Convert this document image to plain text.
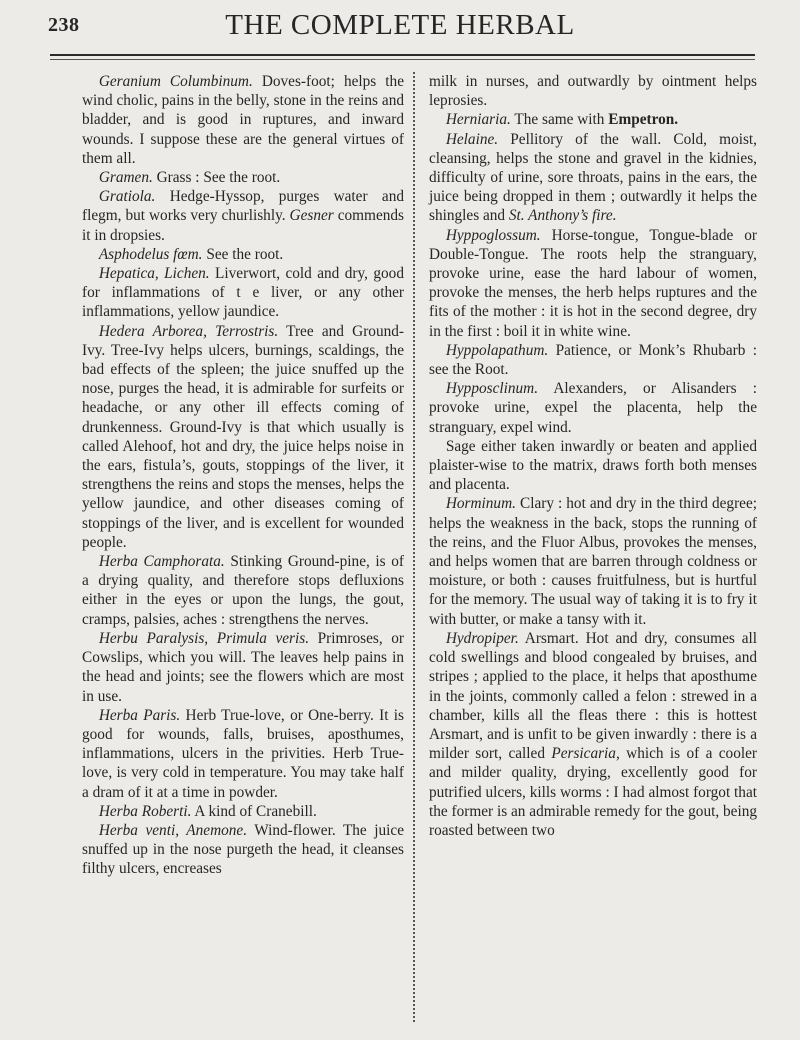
238	THE COMPLETE HERBAL

Geranium Columbinum. Doves-foot; helps the wind cholic, pains in the belly, stone in the reins and bladder, and is good in ruptures, and inward wounds. I suppose these are the general virtues of them all.

Gramen. Grass : See the root.

Gratiola. Hedge-Hyssop, purges water and flegm, but works very churlishly. Gesner commends it in dropsies.

Asphodelus fœm. See the root.

Hepatica, Lichen. Liverwort, cold and dry, good for inflammations of t e liver, or any other inflammations, yellow jaundice.

Hedera Arborea, Terrostris. Tree and Ground-Ivy. Tree-Ivy helps ulcers, burnings, scaldings, the bad effects of the spleen; the juice snuffed up the nose, purges the head, it is admirable for surfeits or headache, or any other ill effects coming of drunkenness. Ground-Ivy is that which usually is called Alehoof, hot and dry, the juice helps noise in the ears, fistula’s, gouts, stoppings of the liver, it strengthens the reins and stops the menses, helps the yellow jaundice, and other diseases coming of stoppings of the liver, and is excellent for wounded people.

Herba Camphorata. Stinking Ground-pine, is of a drying quality, and therefore stops defluxions either in the eyes or upon the lungs, the gout, cramps, palsies, aches : strengthens the nerves.

Herbu Paralysis, Primula veris. Primroses, or Cowslips, which you will. The leaves help pains in the head and joints; see the flowers which are most in use.

Herba Paris. Herb True-love, or One-berry. It is good for wounds, falls, bruises, aposthumes, inflammations, ulcers in the privities. Herb True-love, is very cold in temperature. You may take half a dram of it at a time in powder.

Herba Roberti. A kind of Cranebill.

Herba venti, Anemone. Wind-flower. The juice snuffed up in the nose purgeth the head, it cleanses filthy ulcers, encreases

milk in nurses, and outwardly by ointment helps leprosies.

Herniaria. The same with Empetron.

Helaine. Pellitory of the wall. Cold, moist, cleansing, helps the stone and gravel in the kidnies, difficulty of urine, sore throats, pains in the ears, the juice being dropped in them ; outwardly it helps the shingles and St. Anthony’s fire.

Hyppoglossum. Horse-tongue, Tongue-blade or Double-Tongue. The roots help the stranguary, provoke urine, ease the hard labour of women, provoke the menses, the herb helps ruptures and the fits of the mother : it is hot in the second degree, dry in the first : boil it in white wine.

Hyppolapathum. Patience, or Monk’s Rhubarb : see the Root.

Hypposclinum. Alexanders, or Alisanders : provoke urine, expel the placenta, help the stranguary, expel wind.

Sage either taken inwardly or beaten and applied plaister-wise to the matrix, draws forth both menses and placenta.

Horminum. Clary : hot and dry in the third degree; helps the weakness in the back, stops the running of the reins, and the Fluor Albus, provokes the menses, and helps women that are barren through coldness or moisture, or both : causes fruitfulness, but is hurtful for the memory. The usual way of taking it is to fry it with butter, or make a tansy with it.

Hydropiper. Arsmart. Hot and dry, consumes all cold swellings and blood congealed by bruises, and stripes ; applied to the place, it helps that aposthume in the joints, commonly called a felon : strewed in a chamber, kills all the fleas there : this is hottest Arsmart, and is unfit to be given inwardly : there is a milder sort, called Persicaria, which is of a cooler and milder quality, drying, excellently good for putrified ulcers, kills worms : I had almost forgot that the former is an admirable remedy for the gout, being roasted between two
